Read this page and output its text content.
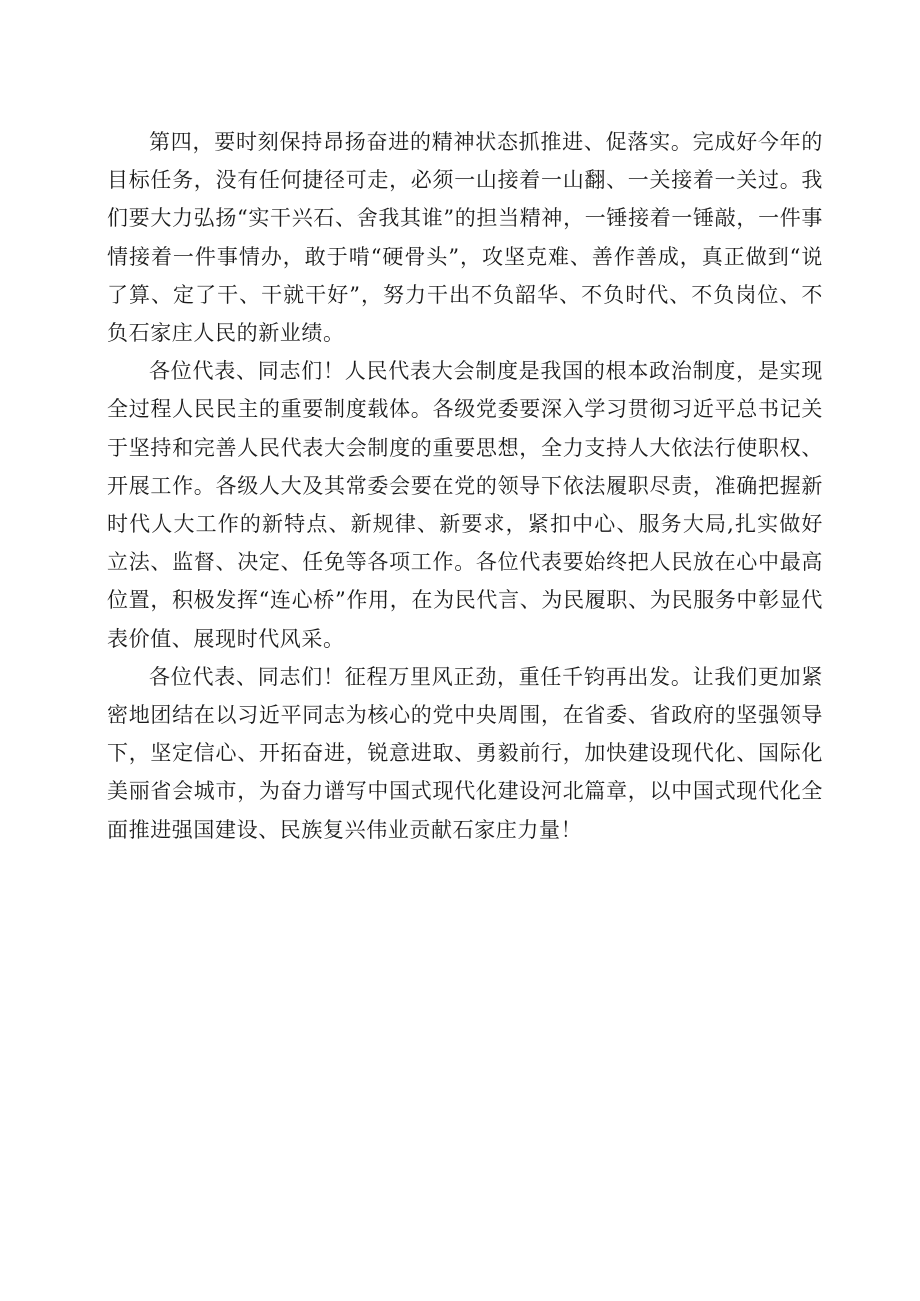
第四，要时刻保持昂扬奋进的精神状态抓推进、促落实。完成好今年的目标任务，没有任何捷径可走，必须一山接着一山翻、一关接着一关过。我们要大力弘扬“实干兴石、舍我其谁”的担当精神，一锤接着一锤敲，一件事情接着一件事情办，敢于啃“硬骨头”，攻坚克难、善作善成，真正做到“说了算、定了干、干就干好”，努力干出不负韶华、不负时代、不负岗位、不负石家庄人民的新业绩。

各位代表、同志们！人民代表大会制度是我国的根本政治制度，是实现全过程人民民主的重要制度载体。各级党委要深入学习贯彻习近平总书记关于坚持和完善人民代表大会制度的重要思想，全力支持人大依法行使职权、开展工作。各级人大及其常委会要在党的领导下依法履职尽责，准确把握新时代人大工作的新特点、新规律、新要求，紧扣中心、服务大局,扎实做好立法、监督、决定、任免等各项工作。各位代表要始终把人民放在心中最高位置，积极发挥“连心桥”作用，在为民代言、为民履职、为民服务中彰显代表价值、展现时代风采。

各位代表、同志们！征程万里风正劲，重任千钧再出发。让我们更加紧密地团结在以习近平同志为核心的党中央周围，在省委、省政府的坚强领导下，坚定信心、开拓奋进，锐意进取、勇毅前行，加快建设现代化、国际化美丽省会城市，为奋力谱写中国式现代化建设河北篇章，以中国式现代化全面推进强国建设、民族复兴伟业贡献石家庄力量！
